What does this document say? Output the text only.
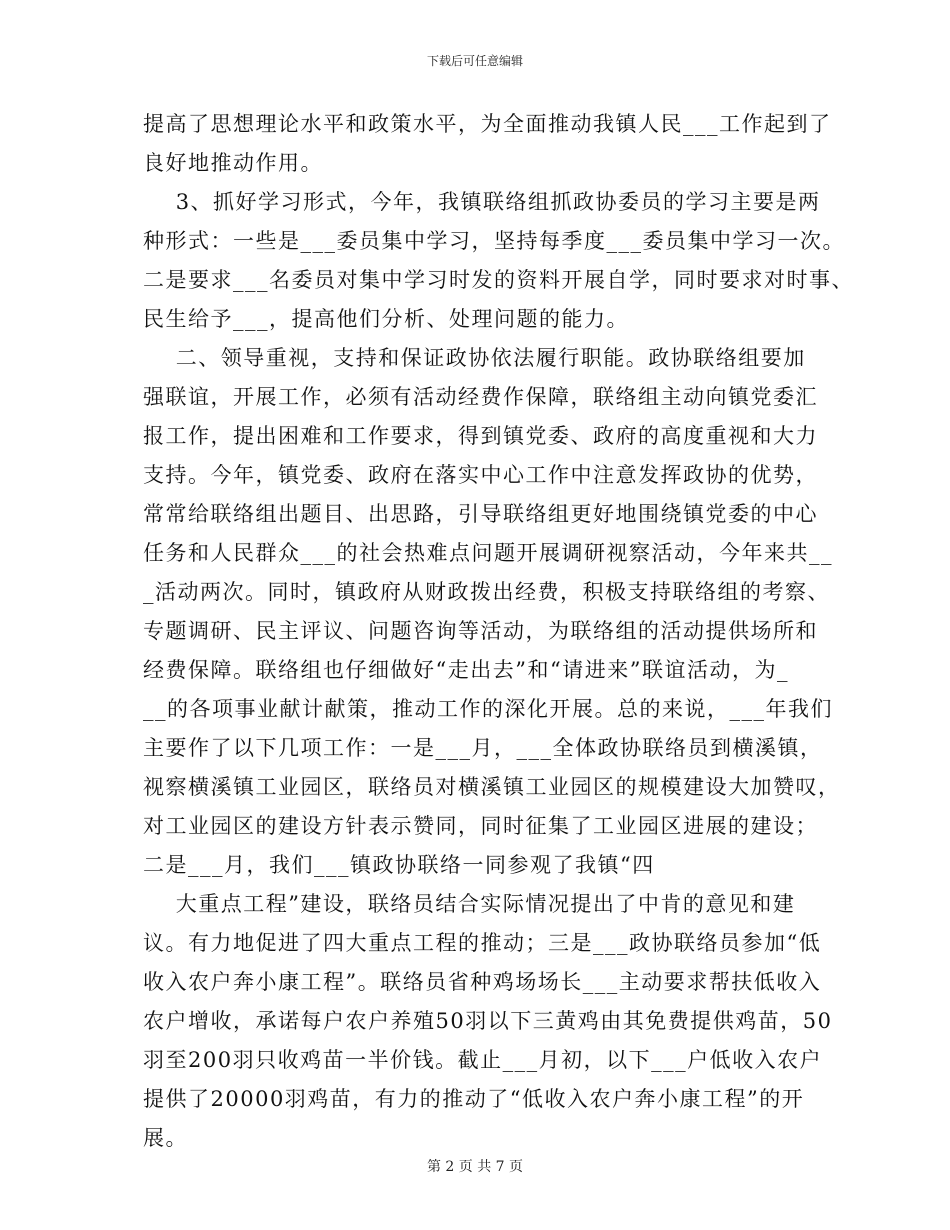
下载后可任意编辑
提高了思想理论水平和政策水平，为全面推动我镇人民___工作起到了
良好地推动作用。
3、抓好学习形式，今年，我镇联络组抓政协委员的学习主要是两
种形式：一些是___委员集中学习，坚持每季度___委员集中学习一次。
二是要求___名委员对集中学习时发的资料开展自学，同时要求对时事、
民生给予___，提高他们分析、处理问题的能力。
二、领导重视，支持和保证政协依法履行职能。政协联络组要加
强联谊，开展工作，必须有活动经费作保障，联络组主动向镇党委汇
报工作，提出困难和工作要求，得到镇党委、政府的高度重视和大力
支持。今年，镇党委、政府在落实中心工作中注意发挥政协的优势，
常常给联络组出题目、出思路，引导联络组更好地围绕镇党委的中心
任务和人民群众___的社会热难点问题开展调研视察活动，今年来共__
_活动两次。同时，镇政府从财政拨出经费，积极支持联络组的考察、
专题调研、民主评议、问题咨询等活动，为联络组的活动提供场所和
经费保障。联络组也仔细做好“走出去”和“请进来”联谊活动，为_
__的各项事业献计献策，推动工作的深化开展。总的来说，___年我们
主要作了以下几项工作：一是___月，___全体政协联络员到横溪镇，
视察横溪镇工业园区，联络员对横溪镇工业园区的规模建设大加赞叹，
对工业园区的建设方针表示赞同，同时征集了工业园区进展的建设；
二是___月，我们___镇政协联络一同参观了我镇“四
大重点工程”建设，联络员结合实际情况提出了中肯的意见和建
议。有力地促进了四大重点工程的推动；三是___政协联络员参加“低
收入农户奔小康工程”。联络员省种鸡场场长___主动要求帮扶低收入
农户增收，承诺每户农户养殖50羽以下三黄鸡由其免费提供鸡苗，50
羽至200羽只收鸡苗一半价钱。截止___月初，以下___户低收入农户
提供了20000羽鸡苗，有力的推动了“低收入农户奔小康工程”的开
展。
第 2 页 共 7 页
